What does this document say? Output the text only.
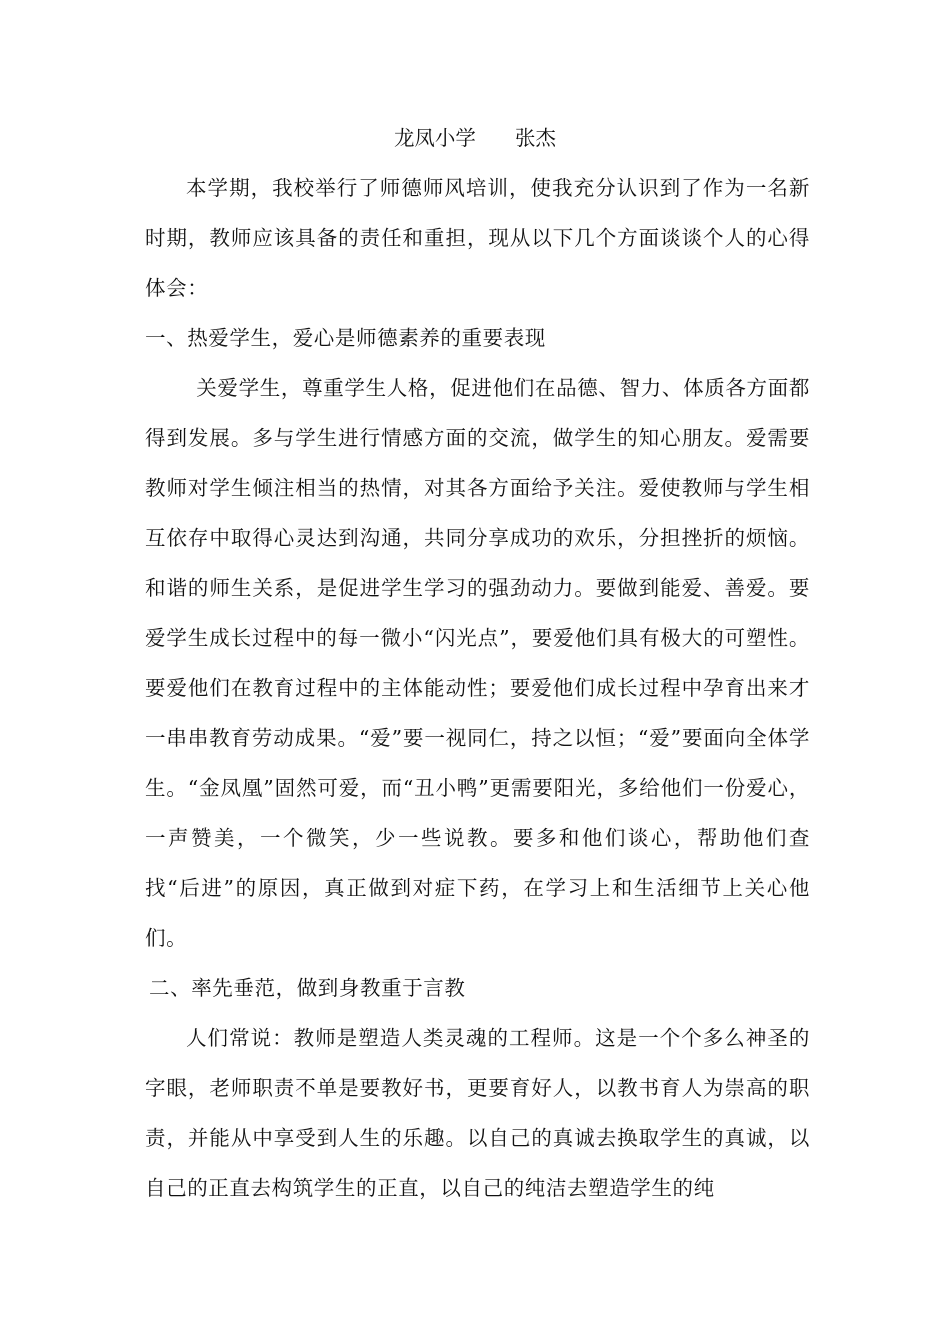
龙凤小学      张杰

本学期，我校举行了师德师风培训，使我充分认识到了作为一名新时期，教师应该具备的责任和重担，现从以下几个方面谈谈个人的心得体会：

一、热爱学生，爱心是师德素养的重要表现

关爱学生，尊重学生人格，促进他们在品德、智力、体质各方面都得到发展。多与学生进行情感方面的交流，做学生的知心朋友。爱需要教师对学生倾注相当的热情，对其各方面给予关注。爱使教师与学生相互依存中取得心灵达到沟通，共同分享成功的欢乐，分担挫折的烦恼。和谐的师生关系，是促进学生学习的强劲动力。要做到能爱、善爱。要爱学生成长过程中的每一微小“闪光点”，要爱他们具有极大的可塑性。要爱他们在教育过程中的主体能动性；要爱他们成长过程中孕育出来才一串串教育劳动成果。“爱”要一视同仁，持之以恒；“爱”要面向全体学生。“金凤凰”固然可爱，而“丑小鸭”更需要阳光，多给他们一份爱心，一声赞美，一个微笑，少一些说教。要多和他们谈心，帮助他们查找“后进”的原因，真正做到对症下药，在学习上和生活细节上关心他们。

二、率先垂范，做到身教重于言教

人们常说：教师是塑造人类灵魂的工程师。这是一个个多么神圣的字眼，老师职责不单是要教好书，更要育好人，以教书育人为崇高的职责，并能从中享受到人生的乐趣。以自己的真诚去换取学生的真诚，以自己的正直去构筑学生的正直，以自己的纯洁去塑造学生的纯
